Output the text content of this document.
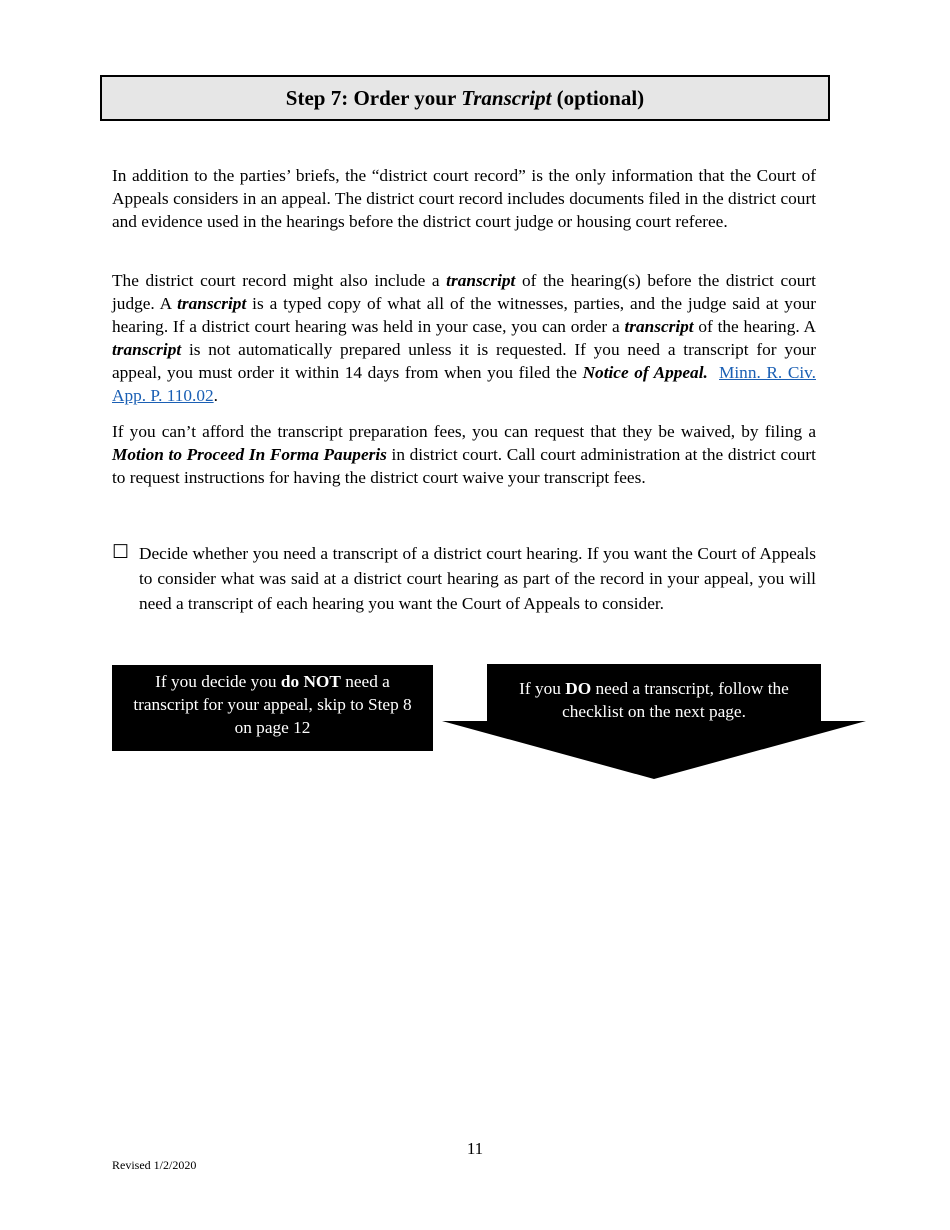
Step 7: Order your Transcript (optional)

In addition to the parties’ briefs, the “district court record” is the only information that the Court of Appeals considers in an appeal. The district court record includes documents filed in the district court and evidence used in the hearings before the district court judge or housing court referee.

The district court record might also include a transcript of the hearing(s) before the district court judge. A transcript is a typed copy of what all of the witnesses, parties, and the judge said at your hearing. If a district court hearing was held in your case, you can order a transcript of the hearing. A transcript is not automatically prepared unless it is requested. If you need a transcript for your appeal, you must order it within 14 days from when you filed the Notice of Appeal. Minn. R. Civ. App. P. 110.02.

If you can’t afford the transcript preparation fees, you can request that they be waived, by filing a Motion to Proceed In Forma Pauperis in district court. Call court administration at the district court to request instructions for having the district court waive your transcript fees.

☐ Decide whether you need a transcript of a district court hearing. If you want the Court of Appeals to consider what was said at a district court hearing as part of the record in your appeal, you will need a transcript of each hearing you want the Court of Appeals to consider.
If you decide you do NOT need a transcript for your appeal, skip to Step 8 on page 12
If you DO need a transcript, follow the checklist on the next page.
11
Revised 1/2/2020
